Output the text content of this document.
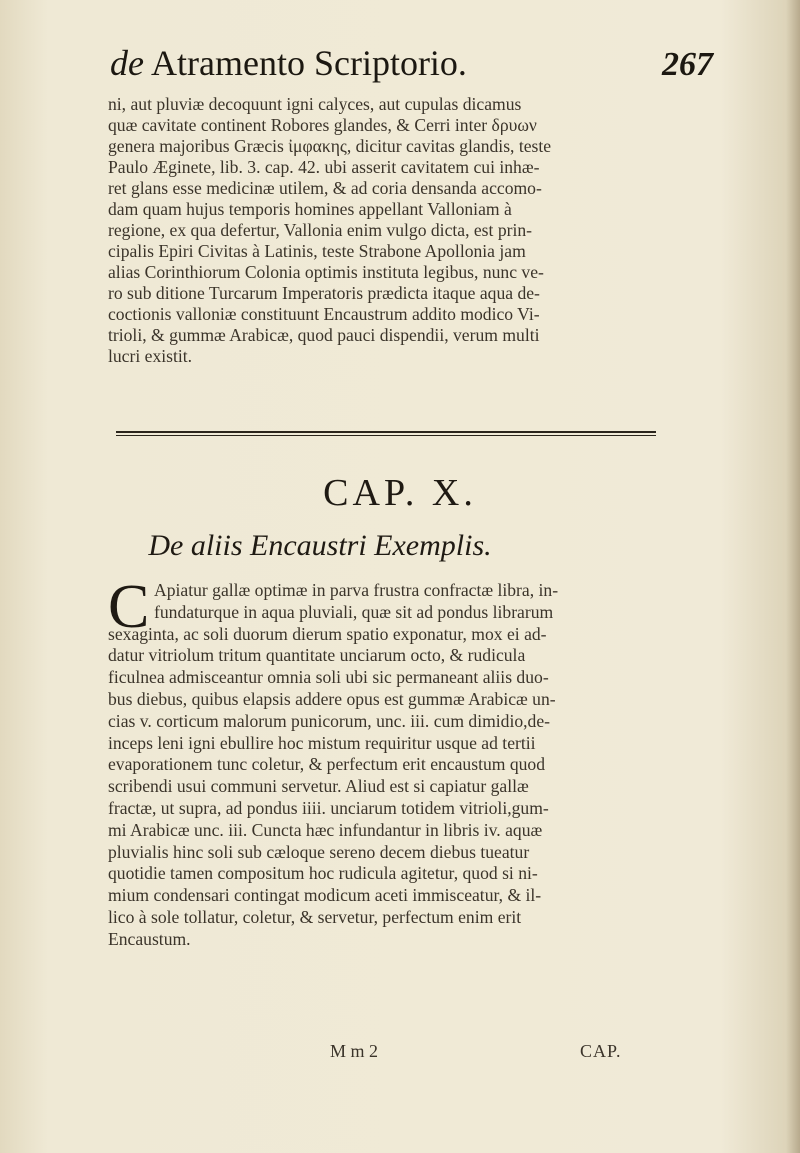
de Atramento Scriptorio.	267
ni, aut pluviæ decoquunt igni calyces, aut cupulas dicamus
quæ cavitate continent Robores glandes, & Cerri inter δρυων
genera majoribus Græcis ἰμφακης, dicitur cavitas glandis, teste
Paulo Æginete, lib. 3. cap. 42. ubi asserit cavitatem cui inhæ-
ret glans esse medicinæ utilem, & ad coria densanda accomo-
dam quam hujus temporis homines appellant Valloniam à
regione, ex qua defertur, Vallonia enim vulgo dicta, est prin-
cipalis Epiri Civitas à Latinis, teste Strabone Apollonia jam
alias Corinthiorum Colonia optimis instituta legibus, nunc ve-
ro sub ditione Turcarum Imperatoris prædicta itaque aqua de-
coctionis valloniæ constituunt Encaustrum addito modico Vi-
trioli, & gummæ Arabicæ, quod pauci dispendii, verum multi
lucri existit.
CAP. X.
De aliis Encaustri Exemplis.
C Apiatur gallæ optimæ in parva frustra confractæ libra, in-
fundaturque in aqua pluviali, quæ sit ad pondus librarum
sexaginta, ac soli duorum dierum spatio exponatur, mox ei ad-
datur vitriolum tritum quantitate unciarum octo, & rudicula
ficulnea admisceantur omnia soli ubi sic permaneant aliis duo-
bus diebus, quibus elapsis addere opus est gummæ Arabicæ un-
cias v. corticum malorum punicorum, unc. iii. cum dimidio,de-
inceps leni igni ebullire hoc mistum requiritur usque ad tertii
evaporationem tunc coletur, & perfectum erit encaustum quod
scribendi usui communi servetur. Aliud est si capiatur gallæ
fractæ, ut supra, ad pondus iiii. unciarum totidem vitrioli,gum-
mi Arabicæ unc. iii. Cuncta hæc infundantur in libris iv. aquæ
pluvialis hinc soli sub cæloque sereno decem diebus tueatur
quotidie tamen compositum hoc rudicula agitetur, quod si ni-
mium condensari contingat modicum aceti immisceatur, & il-
lico à sole tollatur, coletur, & servetur, perfectum enim erit
Encaustum.
M m 2	CAP.
